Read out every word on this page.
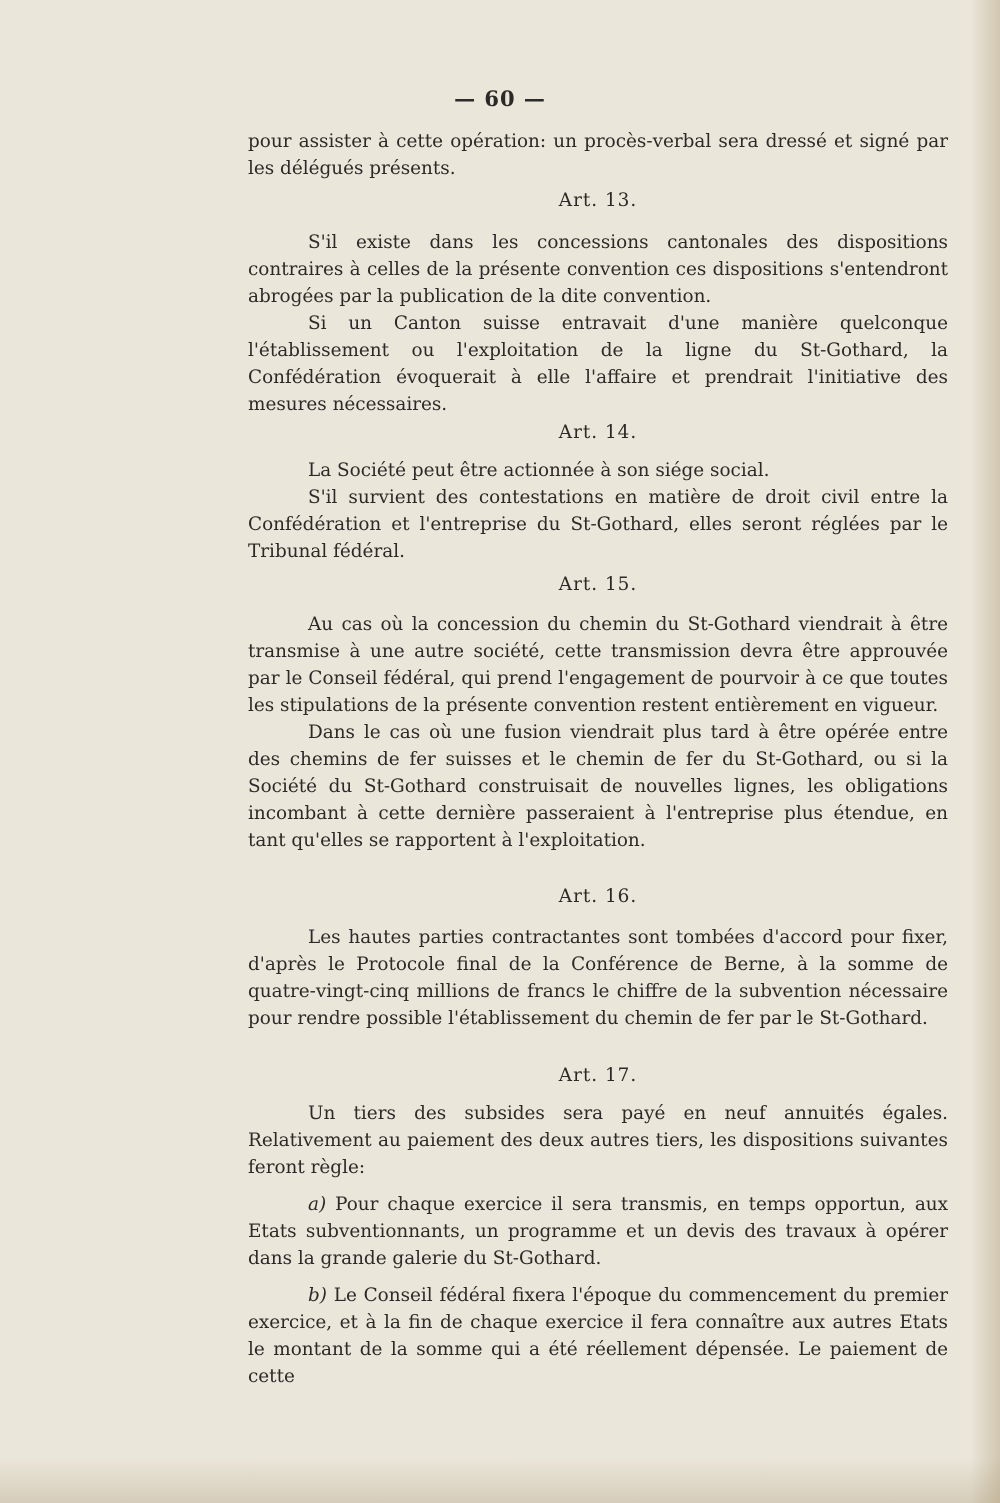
— 60 —

pour assister à cette opération: un procès-verbal sera dressé et signé par les délégués présents.

Art. 13.

S'il existe dans les concessions cantonales des dispositions contraires à celles de la présente convention ces dispositions s'entendront abrogées par la publication de la dite convention.

Si un Canton suisse entravait d'une manière quelconque l'établissement ou l'exploitation de la ligne du St-Gothard, la Confédération évoquerait à elle l'affaire et prendrait l'initiative des mesures nécessaires.

Art. 14.

La Société peut être actionnée à son siége social.

S'il survient des contestations en matière de droit civil entre la Confédération et l'entreprise du St-Gothard, elles seront réglées par le Tribunal fédéral.

Art. 15.

Au cas où la concession du chemin du St-Gothard viendrait à être transmise à une autre société, cette transmission devra être approuvée par le Conseil fédéral, qui prend l'engagement de pourvoir à ce que toutes les stipulations de la présente convention restent entièrement en vigueur.

Dans le cas où une fusion viendrait plus tard à être opérée entre des chemins de fer suisses et le chemin de fer du St-Gothard, ou si la Société du St-Gothard construisait de nouvelles lignes, les obligations incombant à cette dernière passeraient à l'entreprise plus étendue, en tant qu'elles se rapportent à l'exploitation.

Art. 16.

Les hautes parties contractantes sont tombées d'accord pour fixer, d'après le Protocole final de la Conférence de Berne, à la somme de quatre-vingt-cinq millions de francs le chiffre de la subvention nécessaire pour rendre possible l'établissement du chemin de fer par le St-Gothard.

Art. 17.

Un tiers des subsides sera payé en neuf annuités égales. Relativement au paiement des deux autres tiers, les dispositions suivantes feront règle:

a) Pour chaque exercice il sera transmis, en temps opportun, aux Etats subventionnants, un programme et un devis des travaux à opérer dans la grande galerie du St-Gothard.

b) Le Conseil fédéral fixera l'époque du commencement du premier exercice, et à la fin de chaque exercice il fera connaître aux autres Etats le montant de la somme qui a été réellement dépensée. Le paiement de cette
